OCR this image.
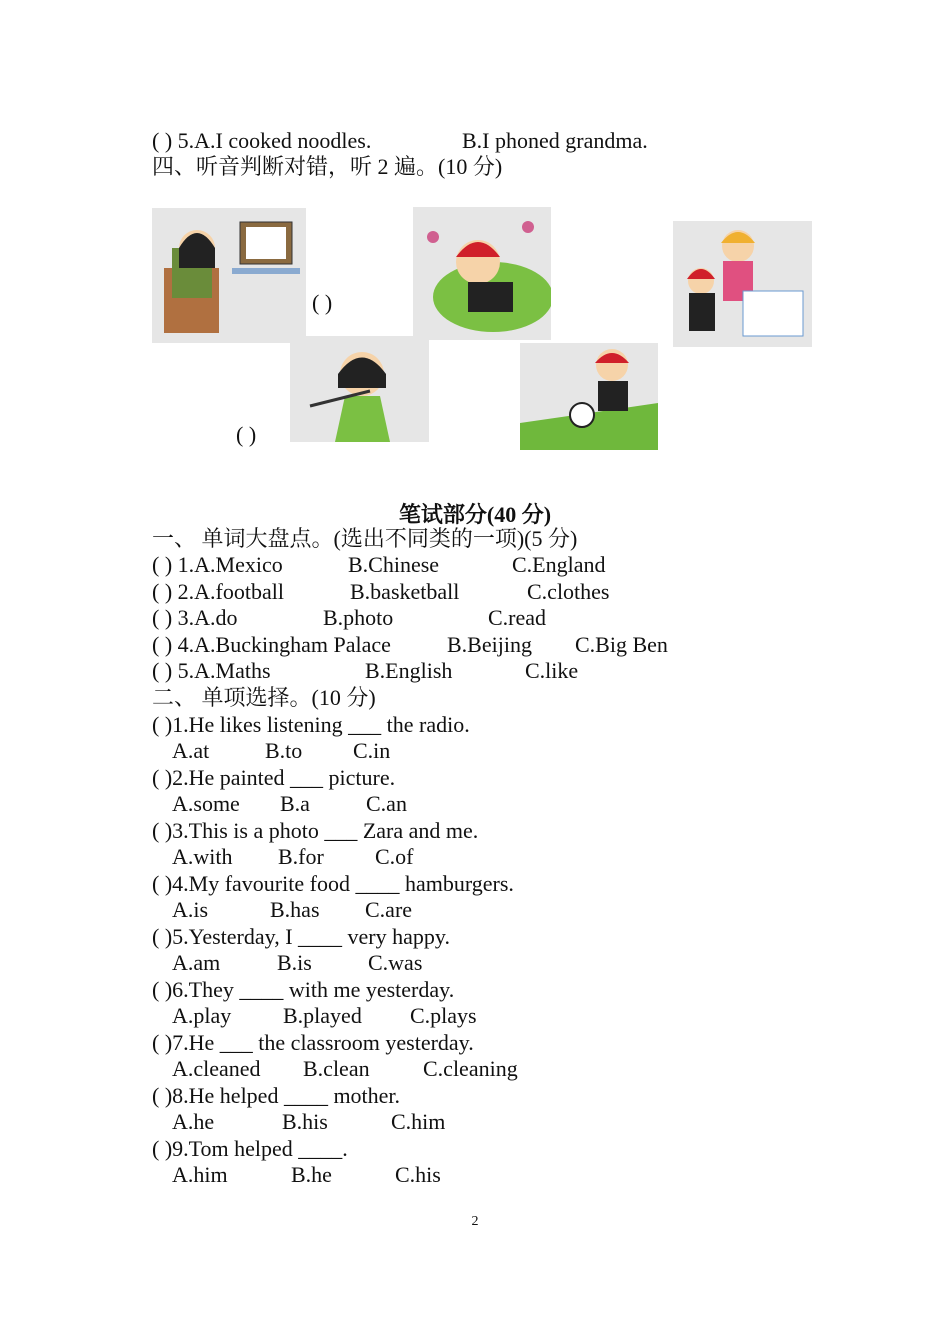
( ) 5.A.I cooked noodles.	B.I phoned grandma.
四、听音判断对错，听 2 遍。(10 分)
( )
( )
笔试部分(40 分)
一、 单词大盘点。(选出不同类的一项)(5 分)
( ) 1.A.Mexico	B.Chinese	C.England
( ) 2.A.football	B.basketball	C.clothes
( ) 3.A.do	B.photo	C.read
( ) 4.A.Buckingham Palace	B.Beijing C.Big Ben
( ) 5.A.Maths	B.English	C.like
二、 单项选择。(10 分)
( )1.He likes listening ___ the radio.
A.at	B.to C.in
( )2.He painted ___ picture.
A.some B.a	C.an
( )3.This is a photo ___ Zara and me.
A.with B.for C.of
( )4.My favourite food ____ hamburgers.
A.is	B.has C.are
( )5.Yesterday, I ____ very happy.
A.am	B.is	C.was
( )6.They ____ with me yesterday.
A.play B.played C.plays
( )7.He ___ the classroom yesterday.
A.cleaned B.clean C.cleaning
( )8.He helped ____ mother.
A.he	B.his	C.him
( )9.Tom helped ____.
A.him	B.he	C.his
2
